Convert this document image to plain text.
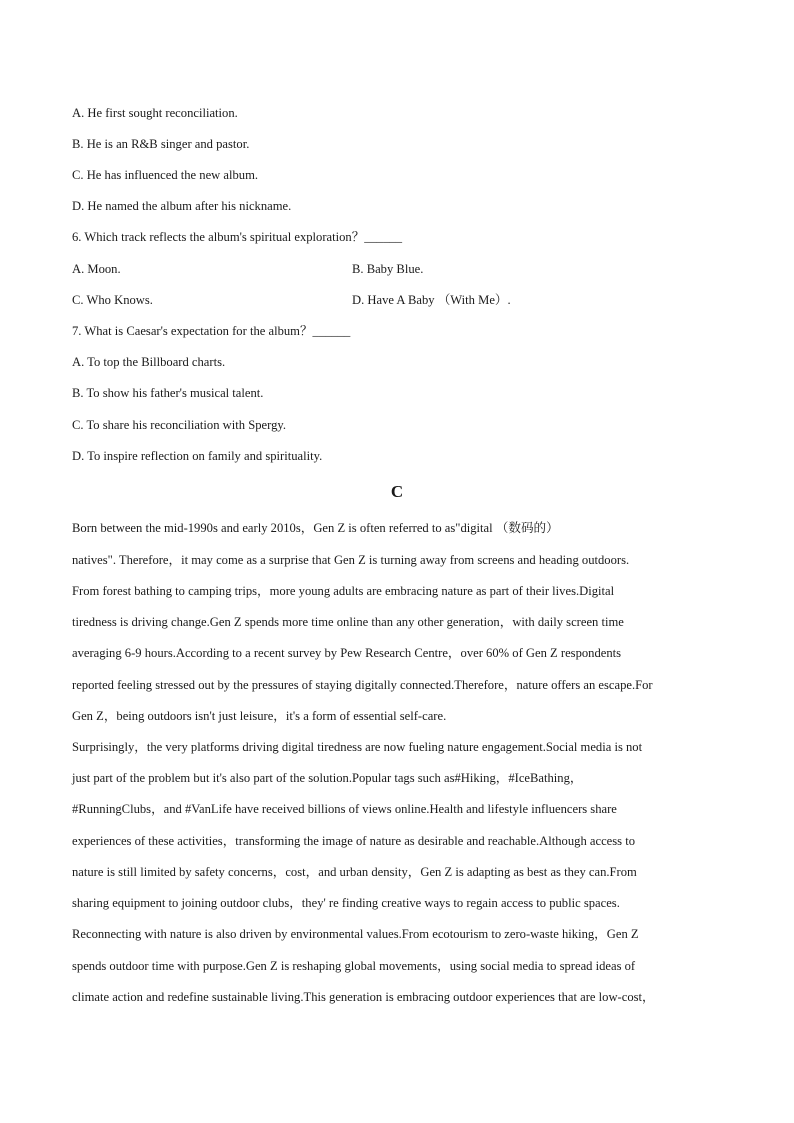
A. He first sought reconciliation.
B. He is an R&B singer and pastor.
C. He has influenced the new album.
D. He named the album after his nickname.
6. Which track reflects the album's spiritual exploration？______
A. Moon.	B. Baby Blue.
C. Who Knows.	D. Have A Baby （With Me）.
7. What is Caesar's expectation for the album？______
A. To top the Billboard charts.
B. To show his father's musical talent.
C. To share his reconciliation with Spergy.
D. To inspire reflection on family and spirituality.
C
Born between the mid-1990s and early 2010s，Gen Z is often referred to as"digital （数码的）
natives". Therefore，it may come as a surprise that Gen Z is turning away from screens and heading outdoors.
From forest bathing to camping trips，more young adults are embracing nature as part of their lives.Digital
tiredness is driving change.Gen Z spends more time online than any other generation，with daily screen time
averaging 6-9 hours.According to a recent survey by Pew Research Centre，over 60% of Gen Z respondents
reported feeling stressed out by the pressures of staying digitally connected.Therefore，nature offers an escape.For
Gen Z，being outdoors isn't just leisure，it's a form of essential self-care.
Surprisingly，the very platforms driving digital tiredness are now fueling nature engagement.Social media is not
just part of the problem but it's also part of the solution.Popular tags such as#Hiking，#IceBathing，
#RunningClubs，and #VanLife have received billions of views online.Health and lifestyle influencers share
experiences of these activities，transforming the image of nature as desirable and reachable.Although access to
nature is still limited by safety concerns，cost，and urban density，Gen Z is adapting as best as they can.From
sharing equipment to joining outdoor clubs，they' re finding creative ways to regain access to public spaces.
Reconnecting with nature is also driven by environmental values.From ecotourism to zero-waste hiking，Gen Z
spends outdoor time with purpose.Gen Z is reshaping global movements，using social media to spread ideas of
climate action and redefine sustainable living.This generation is embracing outdoor experiences that are low-cost，
